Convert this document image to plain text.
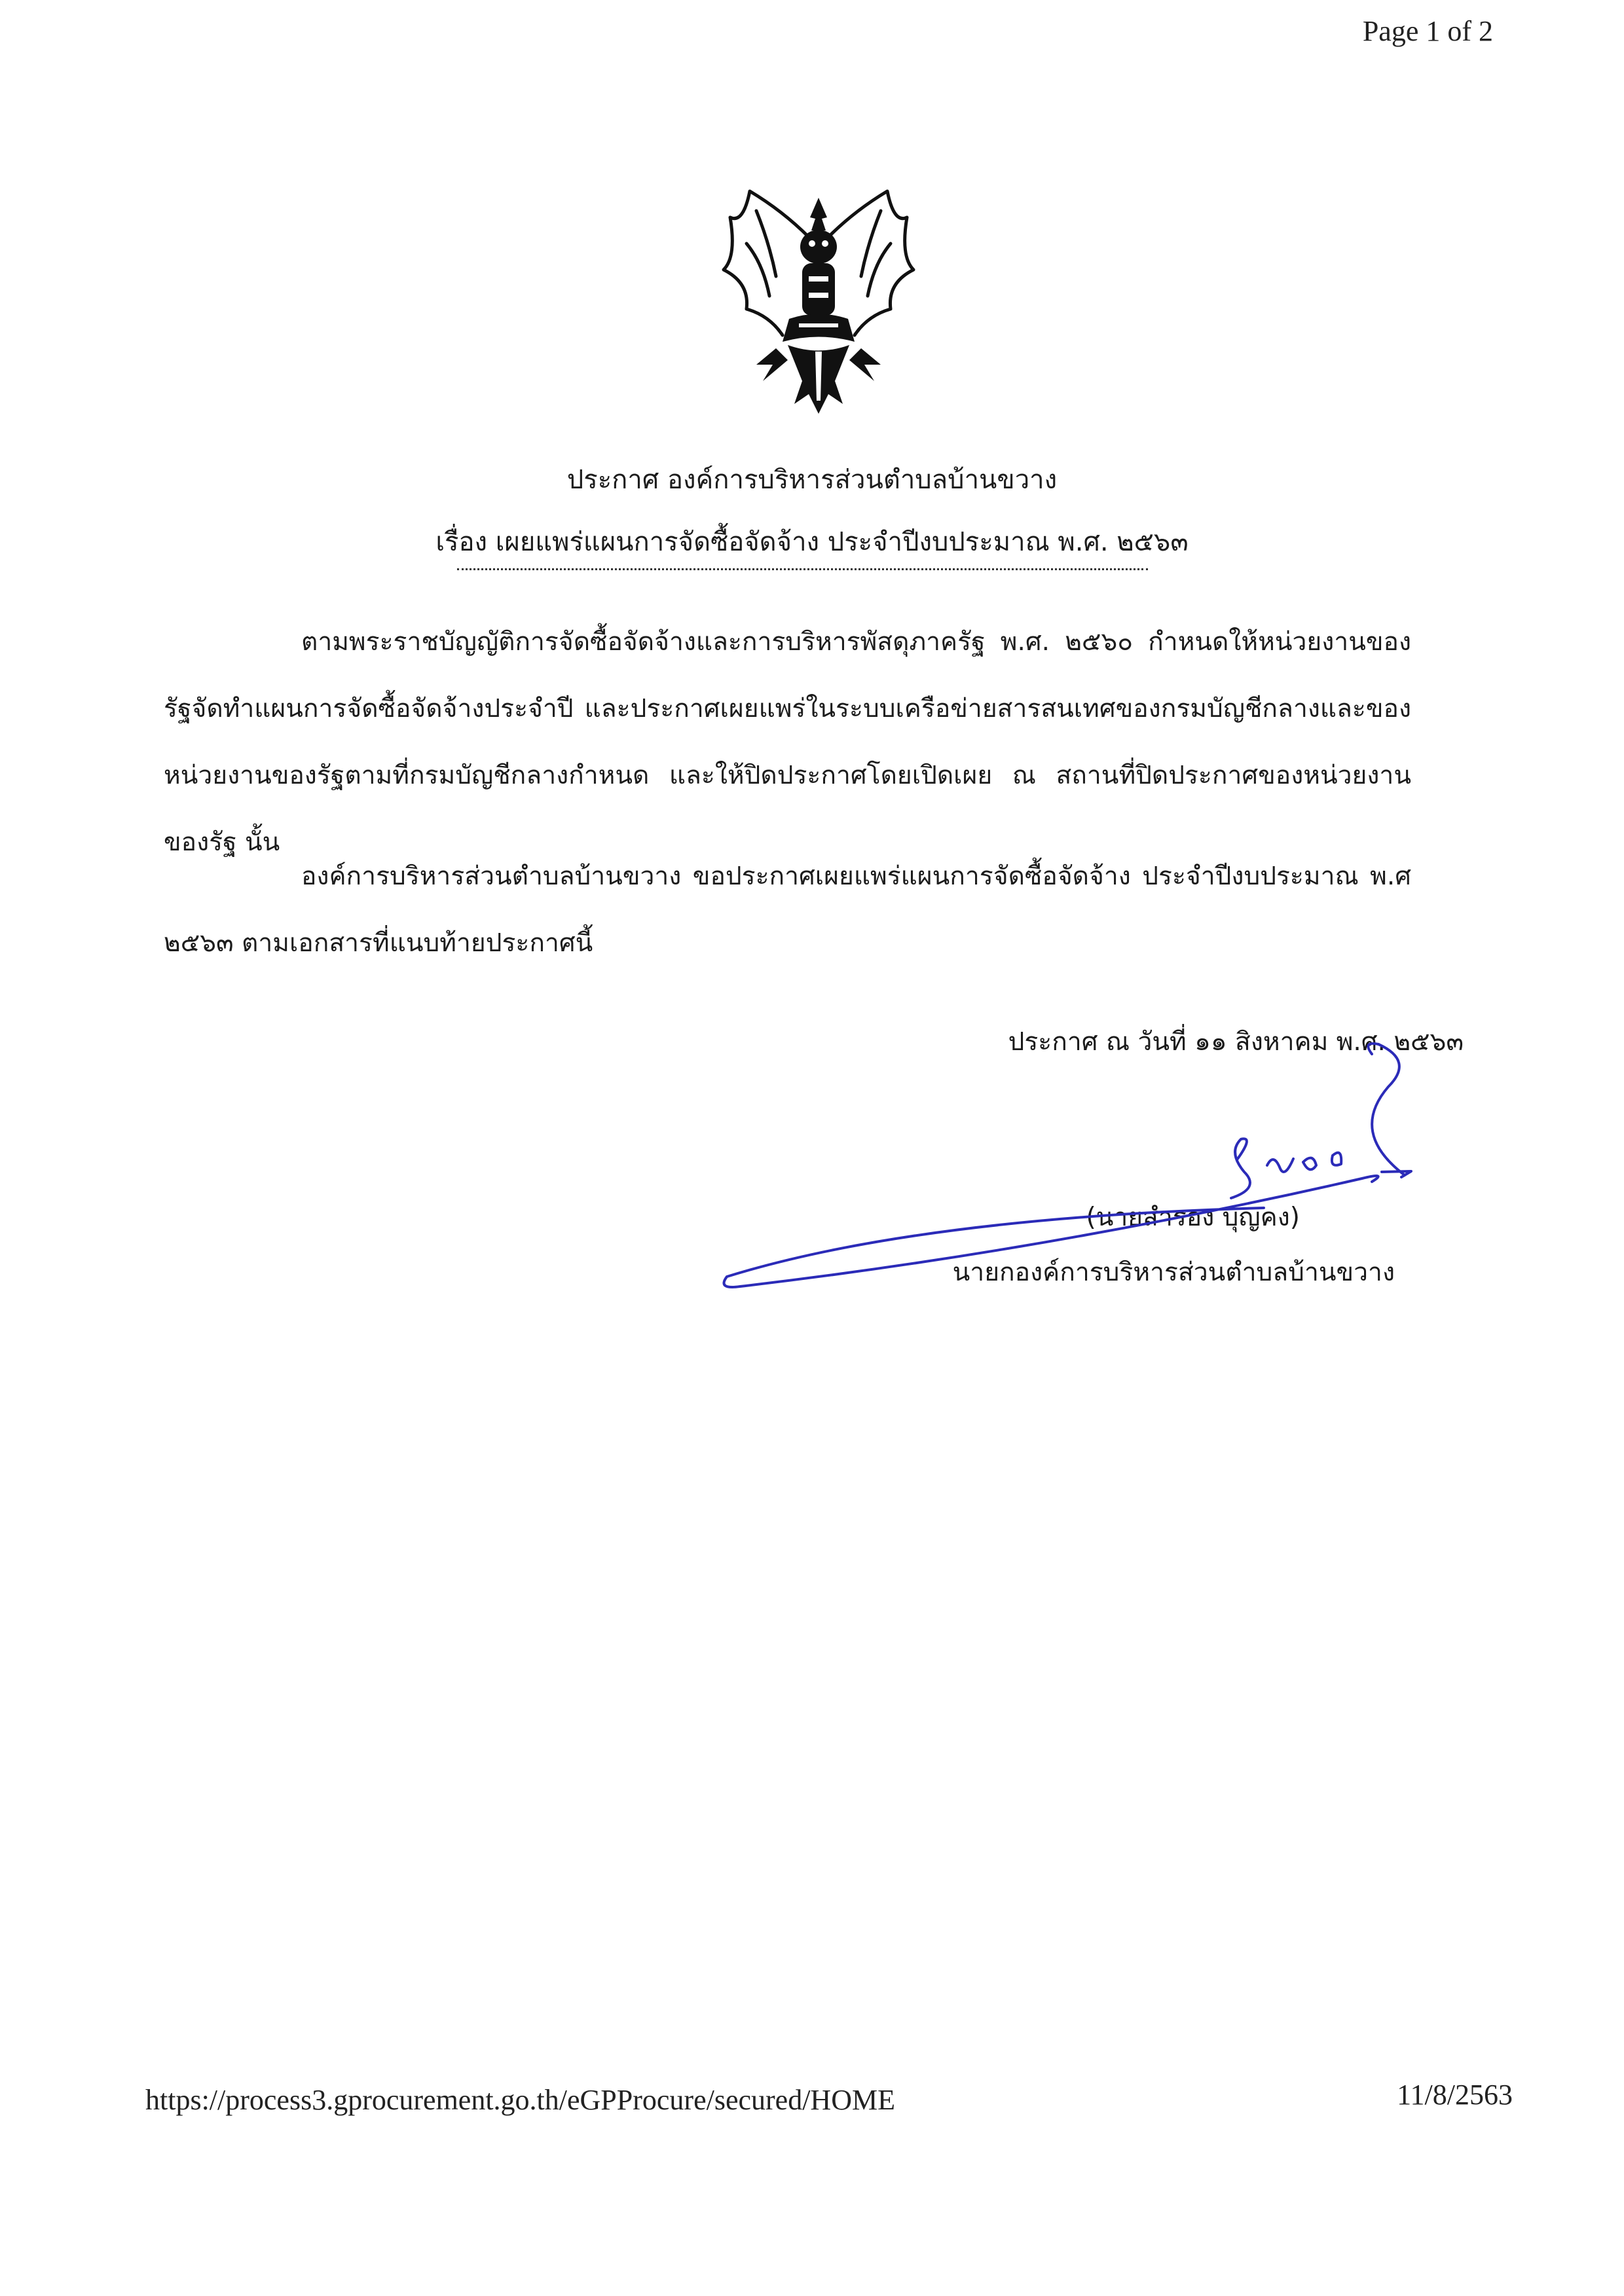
Page 1 of 2
ประกาศ องค์การบริหารส่วนตำบลบ้านขวาง
เรื่อง เผยแพร่แผนการจัดซื้อจัดจ้าง ประจำปีงบประมาณ พ.ศ. ๒๕๖๓

ตามพระราชบัญญัติการจัดซื้อจัดจ้างและการบริหารพัสดุภาครัฐ พ.ศ. ๒๕๖๐ กำหนดให้หน่วยงานของรัฐจัดทำแผนการจัดซื้อจัดจ้างประจำปี และประกาศเผยแพร่ในระบบเครือข่ายสารสนเทศของกรมบัญชีกลางและของหน่วยงานของรัฐตามที่กรมบัญชีกลางกำหนด และให้ปิดประกาศโดยเปิดเผย ณ สถานที่ปิดประกาศของหน่วยงานของรัฐ นั้น

องค์การบริหารส่วนตำบลบ้านขวาง ขอประกาศเผยแพร่แผนการจัดซื้อจัดจ้าง ประจำปีงบประมาณ พ.ศ ๒๕๖๓ ตามเอกสารที่แนบท้ายประกาศนี้

ประกาศ ณ วันที่ ๑๑ สิงหาคม พ.ศ. ๒๕๖๓
(นายสำรอง บุญคง)
นายกองค์การบริหารส่วนตำบลบ้านขวาง
https://process3.gprocurement.go.th/eGPProcure/secured/HOME	11/8/2563
